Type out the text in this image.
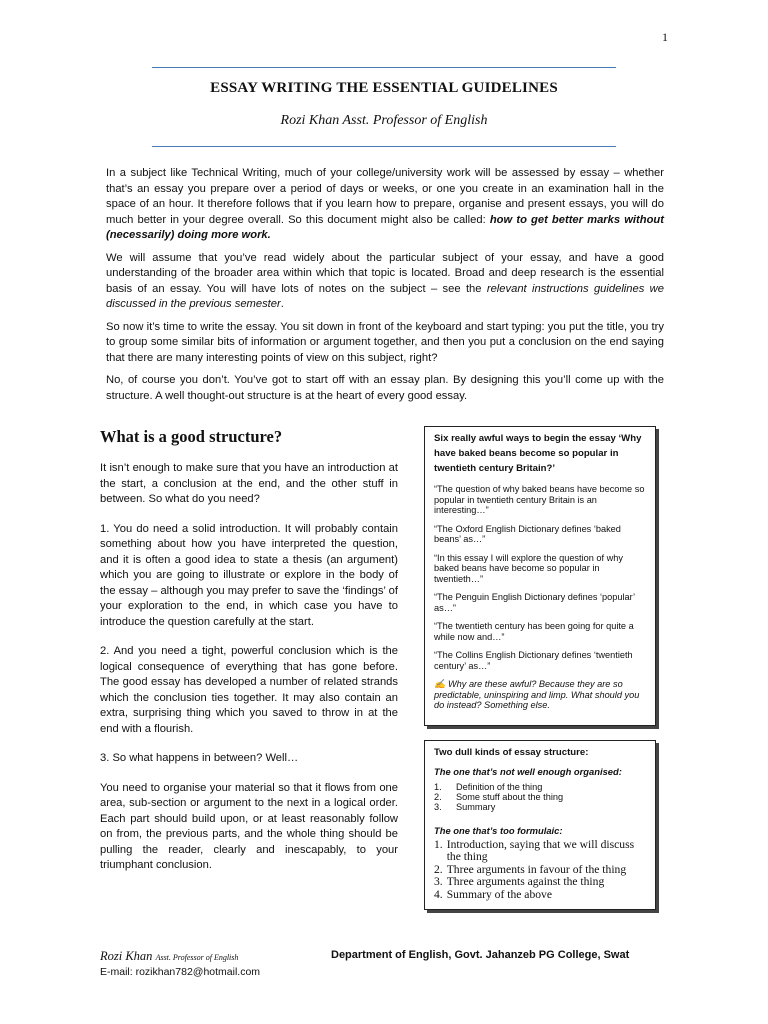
1
ESSAY WRITING THE ESSENTIAL GUIDELINES
Rozi Khan Asst. Professor of English

In a subject like Technical Writing, much of your college/university work will be assessed by essay – whether that’s an essay you prepare over a period of days or weeks, or one you create in an examination hall in the space of an hour. It therefore follows that if you learn how to prepare, organise and present essays, you will do much better in your degree overall. So this document might also be called: how to get better marks without (necessarily) doing more work.

We will assume that you’ve read widely about the particular subject of your essay, and have a good understanding of the broader area within which that topic is located. Broad and deep research is the essential basis of an essay. You will have lots of notes on the subject – see the relevant instructions guidelines we discussed in the previous semester.

So now it’s time to write the essay. You sit down in front of the keyboard and start typing: you put the title, you try to group some similar bits of information or argument together, and then you put a conclusion on the end saying that there are many interesting points of view on this subject, right?

No, of course you don’t. You’ve got to start off with an essay plan. By designing this you’ll come up with the structure. A well thought-out structure is at the heart of every good essay.

What is a good structure?

It isn’t enough to make sure that you have an introduction at the start, a conclusion at the end, and the other stuff in between. So what do you need?

1. You do need a solid introduction. It will probably contain something about how you have interpreted the question, and it is often a good idea to state a thesis (an argument) which you are going to illustrate or explore in the body of the essay – although you may prefer to save the ‘findings’ of your exploration to the end, in which case you have to introduce the question carefully at the start.

2. And you need a tight, powerful conclusion which is the logical consequence of everything that has gone before. The good essay has developed a number of related strands which the conclusion ties together. It may also contain an extra, surprising thing which you saved to throw in at the end with a flourish.

3. So what happens in between? Well…

You need to organise your material so that it flows from one area, sub-section or argument to the next in a logical order. Each part should build upon, or at least reasonably follow on from, the previous parts, and the whole thing should be pulling the reader, clearly and inescapably, to your triumphant conclusion.

Six really awful ways to begin the essay ‘Why have baked beans become so popular in twentieth century Britain?’
“The question of why baked beans have become so popular in twentieth century Britain is an interesting…”
“The Oxford English Dictionary defines ‘baked beans’ as…”
“In this essay I will explore the question of why baked beans have become so popular in twentieth…”
“The Penguin English Dictionary defines ‘popular’ as…”
“The twentieth century has been going for quite a while now and…”
“The Collins English Dictionary defines ‘twentieth century’ as…”
✍ Why are these awful? Because they are so predictable, uninspiring and limp. What should you do instead? Something else.
Two dull kinds of essay structure:
The one that’s not well enough organised:
1.	Definition of the thing
2.	Some stuff about the thing
3.	Summary
The one that’s too formulaic:
1. Introduction, saying that we will discuss the thing
2. Three arguments in favour of the thing
3. Three arguments against the thing
4. Summary of the above
Rozi Khan Asst. Professor of English	Department of English, Govt. Jahanzeb PG College, Swat
E-mail: rozikhan782@hotmail.com
